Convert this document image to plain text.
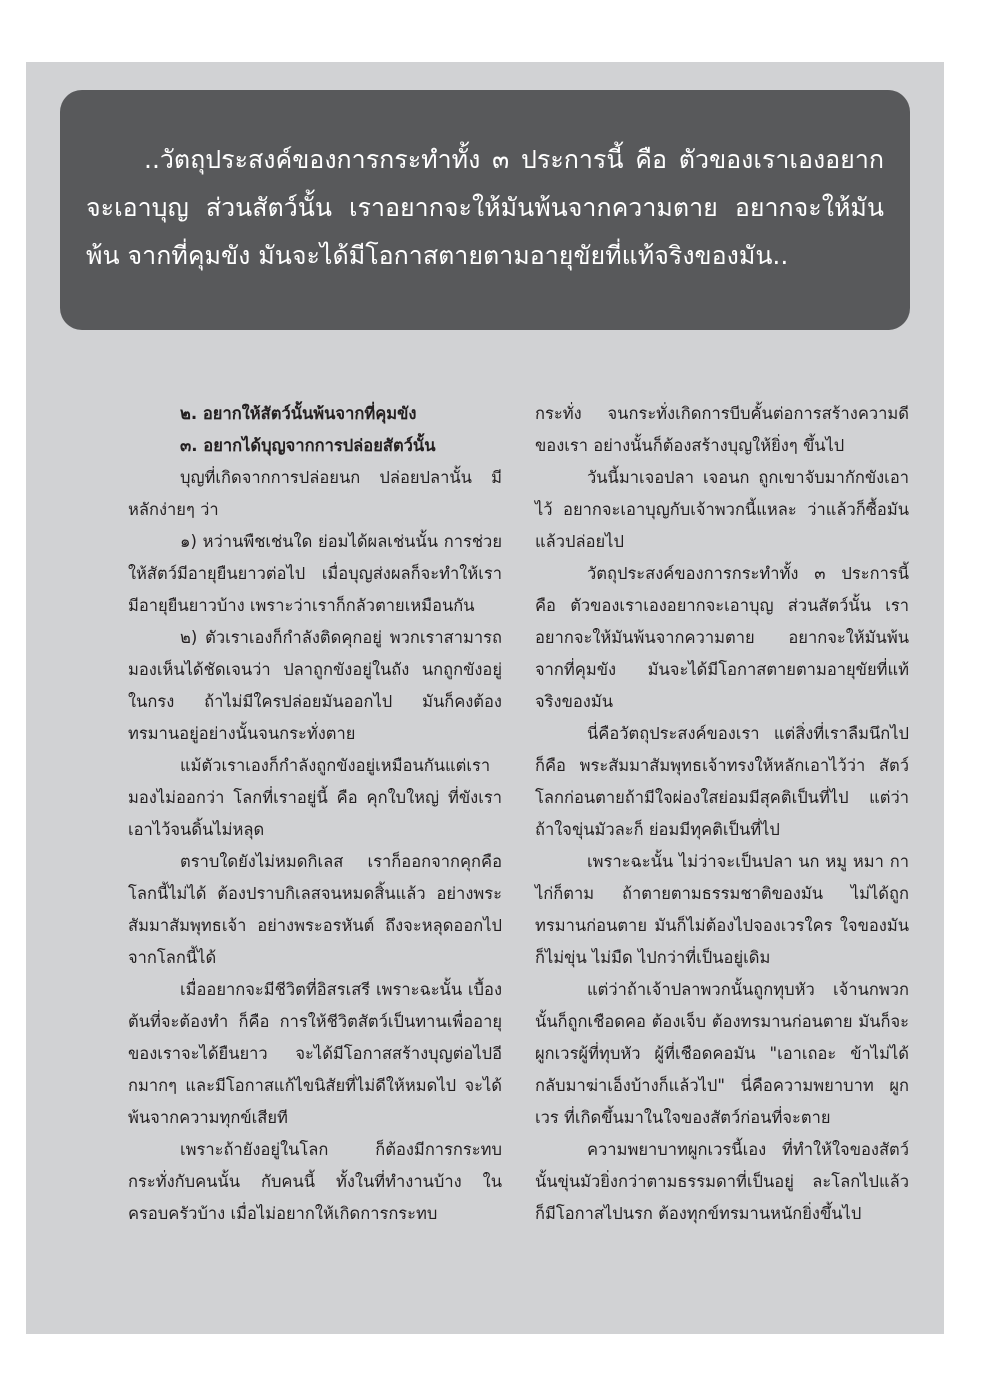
..วัตถุประสงค์ของการกระทำทั้ง ๓ ประการนี้ คือ ตัวของเราเองอยาก จะเอาบุญ ส่วนสัตว์นั้น เราอยากจะให้มันพ้นจากความตาย อยากจะให้มันพ้น จากที่คุมขัง มันจะได้มีโอกาสตายตามอายุขัยที่แท้จริงของมัน..

๒. อยากให้สัตว์นั้นพ้นจากที่คุมขัง

๓. อยากได้บุญจากการปล่อยสัตว์นั้น

บุญที่เกิดจากการปล่อยนก ปล่อยปลานั้น มีหลักง่ายๆ ว่า

๑) หว่านพืชเช่นใด ย่อมได้ผลเช่นนั้น การช่วยให้สัตว์มีอายุยืนยาวต่อไป เมื่อบุญส่งผลก็จะทำให้เรามีอายุยืนยาวบ้าง เพราะว่าเราก็กลัวตายเหมือนกัน

๒) ตัวเราเองก็กำลังติดคุกอยู่ พวกเราสามารถมองเห็นได้ชัดเจนว่า ปลาถูกขังอยู่ในถัง นกถูกขังอยู่ในกรง ถ้าไม่มีใครปล่อยมันออกไป มันก็คงต้องทรมานอยู่อย่างนั้นจนกระทั่งตาย

แม้ตัวเราเองก็กำลังถูกขังอยู่เหมือนกันแต่เรามองไม่ออกว่า โลกที่เราอยู่นี้ คือ คุกใบใหญ่ ที่ขังเราเอาไว้จนดิ้นไม่หลุด

ตราบใดยังไม่หมดกิเลส เราก็ออกจากคุกคือโลกนี้ไม่ได้ ต้องปราบกิเลสจนหมดสิ้นแล้ว อย่างพระสัมมาสัมพุทธเจ้า อย่างพระอรหันต์ ถึงจะหลุดออกไปจากโลกนี้ได้

เมื่ออยากจะมีชีวิตที่อิสรเสรี เพราะฉะนั้น เบื้องต้นที่จะต้องทำ ก็คือ การให้ชีวิตสัตว์เป็นทานเพื่ออายุของเราจะได้ยืนยาว จะได้มีโอกาสสร้างบุญต่อไปอีกมากๆ และมีโอกาสแก้ไขนิสัยที่ไม่ดีให้หมดไป จะได้พ้นจากความทุกข์เสียที

เพราะถ้ายังอยู่ในโลก ก็ต้องมีการกระทบกระทั่งกับคนนั้น กับคนนี้ ทั้งในที่ทำงานบ้าง ในครอบครัวบ้าง เมื่อไม่อยากให้เกิดการกระทบ

กระทั่ง จนกระทั่งเกิดการบีบคั้นต่อการสร้างความดีของเรา อย่างนั้นก็ต้องสร้างบุญให้ยิ่งๆ ขึ้นไป

วันนี้มาเจอปลา เจอนก ถูกเขาจับมากักขังเอาไว้ อยากจะเอาบุญกับเจ้าพวกนี้แหละ ว่าแล้วก็ซื้อมันแล้วปล่อยไป

วัตถุประสงค์ของการกระทำทั้ง ๓ ประการนี้ คือ ตัวของเราเองอยากจะเอาบุญ ส่วนสัตว์นั้น เราอยากจะให้มันพ้นจากความตาย อยากจะให้มันพ้นจากที่คุมขัง มันจะได้มีโอกาสตายตามอายุขัยที่แท้จริงของมัน

นี่คือวัตถุประสงค์ของเรา แต่สิ่งที่เราลืมนึกไปก็คือ พระสัมมาสัมพุทธเจ้าทรงให้หลักเอาไว้ว่า สัตว์โลกก่อนตายถ้ามีใจผ่องใสย่อมมีสุคติเป็นที่ไป แต่ว่าถ้าใจขุ่นมัวละก็ ย่อมมีทุคติเป็นที่ไป

เพราะฉะนั้น ไม่ว่าจะเป็นปลา นก หมู หมา กา ไก่ก็ตาม ถ้าตายตามธรรมชาติของมัน ไม่ได้ถูกทรมานก่อนตาย มันก็ไม่ต้องไปจองเวรใคร ใจของมันก็ไม่ขุ่น ไม่มืด ไปกว่าที่เป็นอยู่เดิม

แต่ว่าถ้าเจ้าปลาพวกนั้นถูกทุบหัว เจ้านกพวกนั้นก็ถูกเชือดคอ ต้องเจ็บ ต้องทรมานก่อนตาย มันก็จะผูกเวรผู้ที่ทุบหัว ผู้ที่เชือดคอมัน "เอาเถอะ ข้าไม่ได้กลับมาฆ่าเอ็งบ้างก็แล้วไป" นี่คือความพยาบาท ผูกเวร ที่เกิดขึ้นมาในใจของสัตว์ก่อนที่จะตาย

ความพยาบาทผูกเวรนี้เอง ที่ทำให้ใจของสัตว์นั้นขุ่นมัวยิ่งกว่าตามธรรมดาที่เป็นอยู่ ละโลกไปแล้ว ก็มีโอกาสไปนรก ต้องทุกข์ทรมานหนักยิ่งขึ้นไป
